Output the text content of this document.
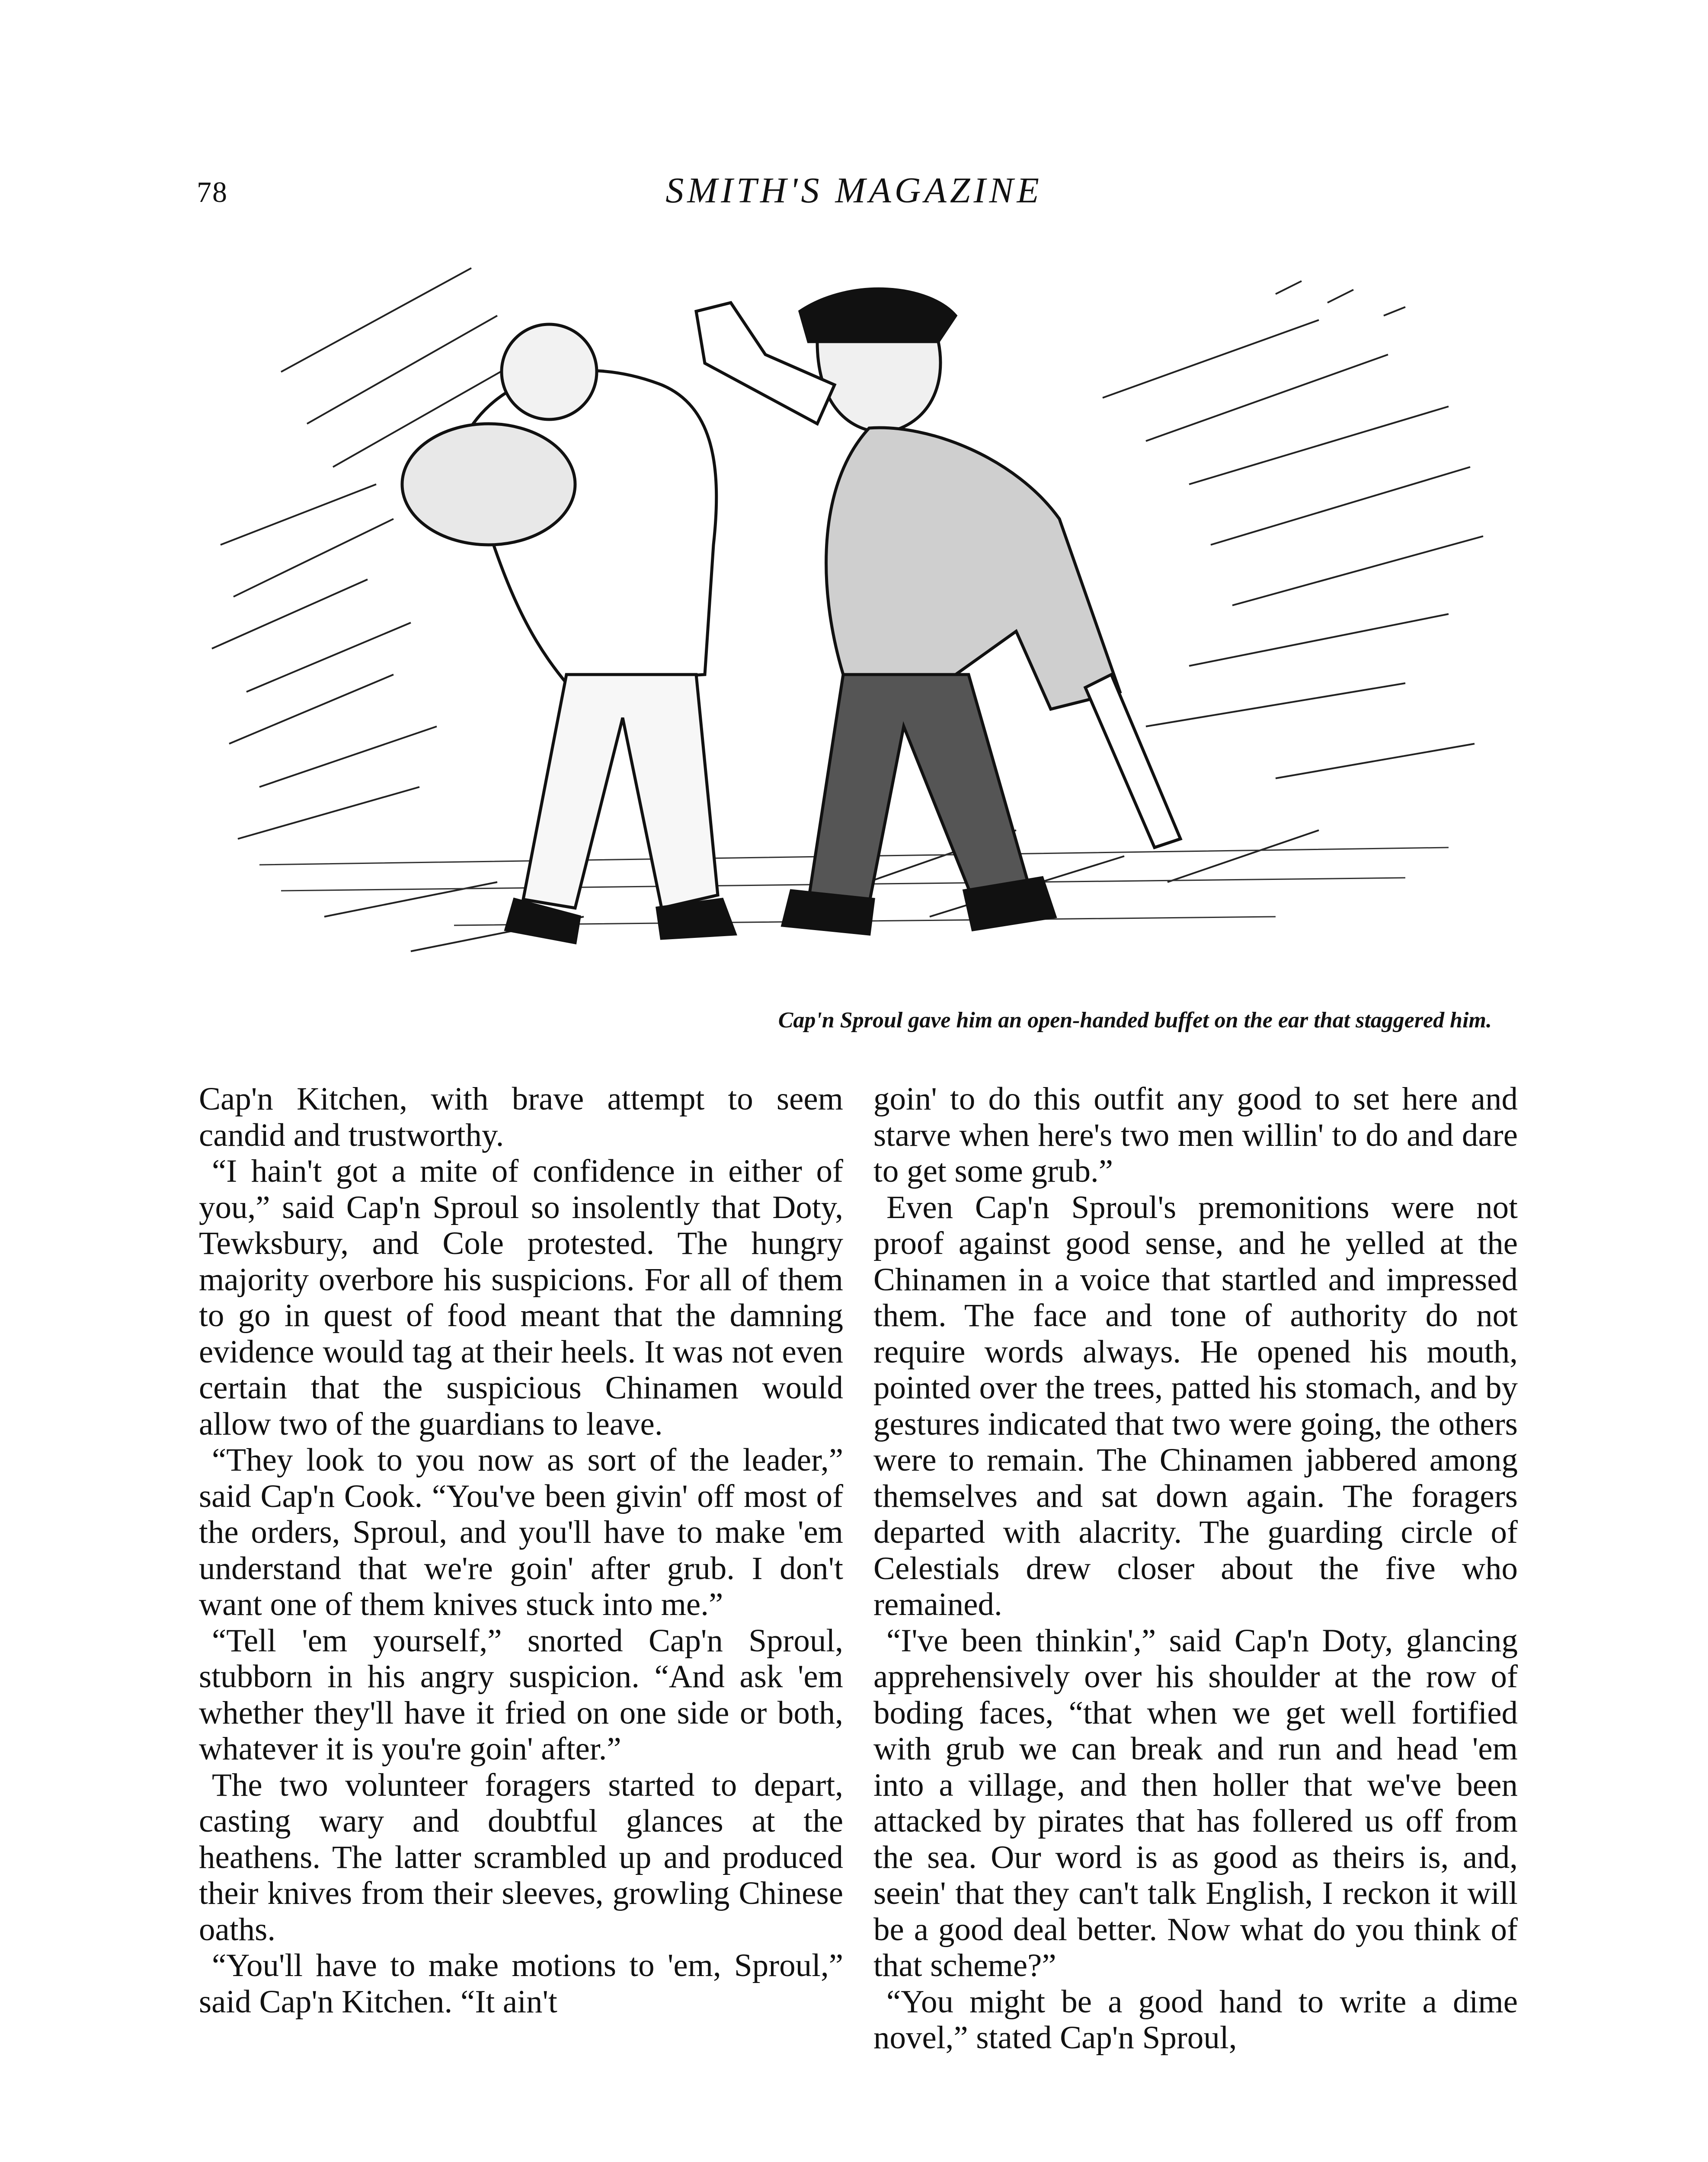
78	SMITH'S MAGAZINE
Cap'n Sproul gave him an open-handed buffet on the ear that staggered him.

Cap'n Kitchen, with brave attempt to seem candid and trustworthy.

“I hain't got a mite of confidence in either of you,” said Cap'n Sproul so insolently that Doty, Tewksbury, and Cole protested. The hungry majority overbore his suspicions. For all of them to go in quest of food meant that the damning evidence would tag at their heels. It was not even certain that the suspicious Chinamen would allow two of the guardians to leave.

“They look to you now as sort of the leader,” said Cap'n Cook. “You've been givin' off most of the orders, Sproul, and you'll have to make 'em understand that we're goin' after grub. I don't want one of them knives stuck into me.”

“Tell 'em yourself,” snorted Cap'n Sproul, stubborn in his angry suspicion. “And ask 'em whether they'll have it fried on one side or both, whatever it is you're goin' after.”

The two volunteer foragers started to depart, casting wary and doubtful glances at the heathens. The latter scrambled up and produced their knives from their sleeves, growling Chinese oaths.

“You'll have to make motions to 'em, Sproul,” said Cap'n Kitchen. “It ain't

goin' to do this outfit any good to set here and starve when here's two men willin' to do and dare to get some grub.”

Even Cap'n Sproul's premonitions were not proof against good sense, and he yelled at the Chinamen in a voice that startled and impressed them. The face and tone of authority do not require words always. He opened his mouth, pointed over the trees, patted his stomach, and by gestures indicated that two were going, the others were to remain. The Chinamen jabbered among themselves and sat down again. The foragers departed with alacrity. The guarding circle of Celestials drew closer about the five who remained.

“I've been thinkin',” said Cap'n Doty, glancing apprehensively over his shoulder at the row of boding faces, “that when we get well fortified with grub we can break and run and head 'em into a village, and then holler that we've been attacked by pirates that has follered us off from the sea. Our word is as good as theirs is, and, seein' that they can't talk English, I reckon it will be a good deal better. Now what do you think of that scheme?”

“You might be a good hand to write a dime novel,” stated Cap'n Sproul,
